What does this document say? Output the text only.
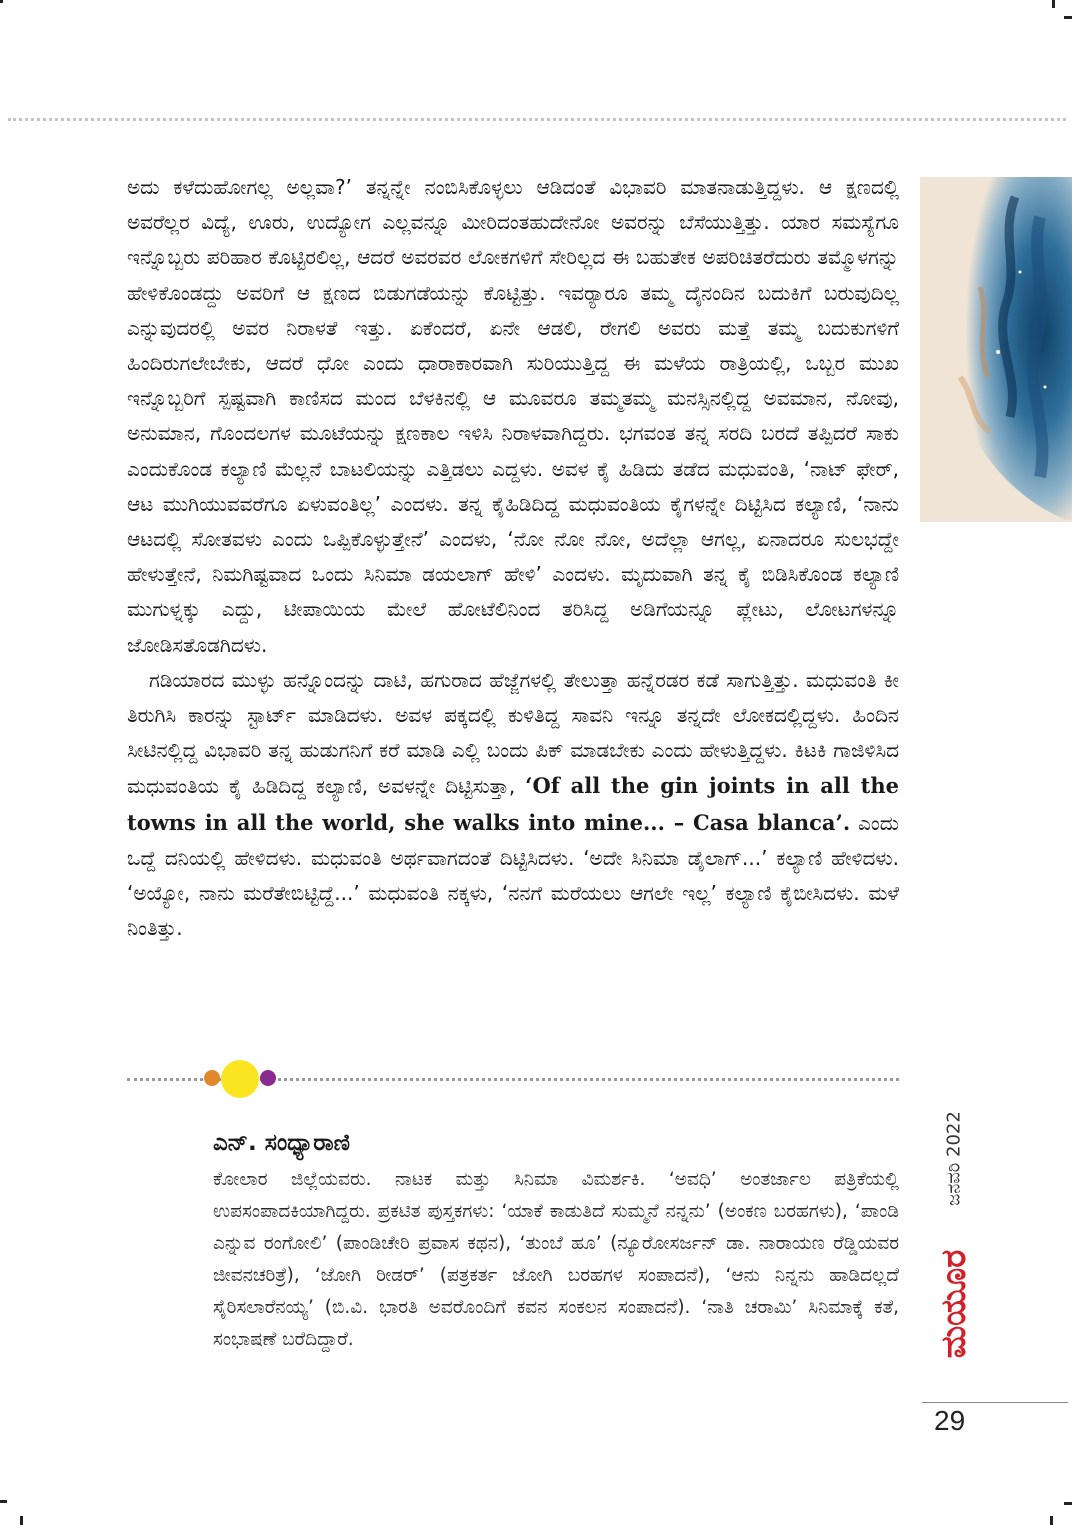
ಅದು ಕಳೆದುಹೋಗಲ್ಲ ಅಲ್ಲವಾ?’ ತನ್ನನ್ನೇ ನಂಬಿಸಿಕೊಳ್ಳಲು ಆಡಿದಂತೆ ವಿಭಾವರಿ ಮಾತನಾಡುತ್ತಿದ್ದಳು. ಆ ಕ್ಷಣದಲ್ಲಿ ಅವರೆಲ್ಲರ ವಿದ್ಯೆ, ಊರು, ಉದ್ಯೋಗ ಎಲ್ಲವನ್ನೂ ಮೀರಿದಂತಹುದೇನೋ ಅವರನ್ನು ಬೆಸೆಯುತ್ತಿತ್ತು. ಯಾರ ಸಮಸ್ಯೆಗೂ ಇನ್ನೊಬ್ಬರು ಪರಿಹಾರ ಕೊಟ್ಟಿರಲಿಲ್ಲ, ಆದರೆ ಅವರವರ ಲೋಕಗಳಿಗೆ ಸೇರಿಲ್ಲದ ಈ ಬಹುತೇಕ ಅಪರಿಚಿತರೆದುರು ತಮ್ಮೊಳಗನ್ನು ಹೇಳಿಕೊಂಡದ್ದು ಅವರಿಗೆ ಆ ಕ್ಷಣದ ಬಿಡುಗಡೆಯನ್ನು ಕೊಟ್ಟಿತ್ತು. ಇವರ್‍ಯಾರೂ ತಮ್ಮ ದೈನಂದಿನ ಬದುಕಿಗೆ ಬರುವುದಿಲ್ಲ ಎನ್ನುವುದರಲ್ಲಿ ಅವರ ನಿರಾಳತೆ ಇತ್ತು. ಏಕೆಂದರೆ, ಏನೇ ಆಡಲಿ, ರೇಗಲಿ ಅವರು ಮತ್ತೆ ತಮ್ಮ ಬದುಕುಗಳಿಗೆ ಹಿಂದಿರುಗಲೇಬೇಕು, ಆದರೆ ಧೋ ಎಂದು ಧಾರಾಕಾರವಾಗಿ ಸುರಿಯುತ್ತಿದ್ದ ಈ ಮಳೆಯ ರಾತ್ರಿಯಲ್ಲಿ, ಒಬ್ಬರ ಮುಖ ಇನ್ನೊಬ್ಬರಿಗೆ ಸ್ಪಷ್ಟವಾಗಿ ಕಾಣಿಸದ ಮಂದ ಬೆಳಕಿನಲ್ಲಿ ಆ ಮೂವರೂ ತಮ್ಮತಮ್ಮ ಮನಸ್ಸಿನಲ್ಲಿದ್ದ ಅವಮಾನ, ನೋವು, ಅನುಮಾನ, ಗೊಂದಲಗಳ ಮೂಟೆಯನ್ನು ಕ್ಷಣಕಾಲ ಇಳಿಸಿ ನಿರಾಳವಾಗಿದ್ದರು. ಭಗವಂತ ತನ್ನ ಸರದಿ ಬರದೆ ತಪ್ಪಿದರೆ ಸಾಕು ಎಂದುಕೊಂಡ ಕಲ್ಯಾಣಿ ಮೆಲ್ಲನೆ ಬಾಟಲಿಯನ್ನು ಎತ್ತಿಡಲು ಎದ್ದಳು. ಅವಳ ಕೈ ಹಿಡಿದು ತಡೆದ ಮಧುವಂತಿ, ‘ನಾಟ್ ಫೇರ್, ಆಟ ಮುಗಿಯುವವರೆಗೂ ಏಳುವಂತಿಲ್ಲ’ ಎಂದಳು. ತನ್ನ ಕೈಹಿಡಿದಿದ್ದ ಮಧುವಂತಿಯ ಕೈಗಳನ್ನೇ ದಿಟ್ಟಿಸಿದ ಕಲ್ಯಾಣಿ, ‘ನಾನು ಆಟದಲ್ಲಿ ಸೋತವಳು ಎಂದು ಒಪ್ಪಿಕೊಳ್ಳುತ್ತೇನೆ’ ಎಂದಳು, ‘ನೋ ನೋ ನೋ, ಅದೆಲ್ಲಾ ಆಗಲ್ಲ, ಏನಾದರೂ ಸುಲಭದ್ದೇ ಹೇಳುತ್ತೇನೆ, ನಿಮಗಿಷ್ಟವಾದ ಒಂದು ಸಿನಿಮಾ ಡಯಲಾಗ್ ಹೇಳಿ’ ಎಂದಳು. ಮೃದುವಾಗಿ ತನ್ನ ಕೈ ಬಿಡಿಸಿಕೊಂಡ ಕಲ್ಯಾಣಿ ಮುಗುಳ್ನಕ್ಕು ಎದ್ದು, ಟೀಪಾಯಿಯ ಮೇಲೆ ಹೋಟೆಲಿನಿಂದ ತರಿಸಿದ್ದ ಅಡಿಗೆಯನ್ನೂ ಪ್ಲೇಟು, ಲೋಟಗಳನ್ನೂ ಜೋಡಿಸತೊಡಗಿದಳು.

ಗಡಿಯಾರದ ಮುಳ್ಳು ಹನ್ನೊಂದನ್ನು ದಾಟಿ, ಹಗುರಾದ ಹೆಜ್ಜೆಗಳಲ್ಲಿ ತೇಲುತ್ತಾ ಹನ್ನೆರಡರ ಕಡೆ ಸಾಗುತ್ತಿತ್ತು. ಮಧುವಂತಿ ಕೀ ತಿರುಗಿಸಿ ಕಾರನ್ನು ಸ್ಟಾರ್ಟ್ ಮಾಡಿದಳು. ಅವಳ ಪಕ್ಕದಲ್ಲಿ ಕುಳಿತಿದ್ದ ಸಾವನಿ ಇನ್ನೂ ತನ್ನದೇ ಲೋಕದಲ್ಲಿದ್ದಳು. ಹಿಂದಿನ ಸೀಟಿನಲ್ಲಿದ್ದ ವಿಭಾವರಿ ತನ್ನ ಹುಡುಗನಿಗೆ ಕರೆ ಮಾಡಿ ಎಲ್ಲಿ ಬಂದು ಪಿಕ್ ಮಾಡಬೇಕು ಎಂದು ಹೇಳುತ್ತಿದ್ದಳು. ಕಿಟಕಿ ಗಾಜಿಳಿಸಿದ ಮಧುವಂತಿಯ ಕೈ ಹಿಡಿದಿದ್ದ ಕಲ್ಯಾಣಿ, ಅವಳನ್ನೇ ದಿಟ್ಟಿಸುತ್ತಾ, ‘Of all the gin joints in all the towns in all the world, she walks into mine... – Casa blanca’. ಎಂದು ಒದ್ದೆ ದನಿಯಲ್ಲಿ ಹೇಳಿದಳು. ಮಧುವಂತಿ ಅರ್ಥವಾಗದಂತೆ ದಿಟ್ಟಿಸಿದಳು. ‘ಅದೇ ಸಿನಿಮಾ ಡೈಲಾಗ್...’ ಕಲ್ಯಾಣಿ ಹೇಳಿದಳು. ‘ಅಯ್ಯೋ, ನಾನು ಮರೆತೇಬಿಟ್ಟಿದ್ದೆ...’ ಮಧುವಂತಿ ನಕ್ಕಳು, ‘ನನಗೆ ಮರೆಯಲು ಆಗಲೇ ಇಲ್ಲ’ ಕಲ್ಯಾಣಿ ಕೈಬೀಸಿದಳು. ಮಳೆ ನಿಂತಿತ್ತು.

ಎನ್. ಸಂಧ್ಯಾರಾಣಿ

ಕೋಲಾರ ಜಿಲ್ಲೆಯವರು. ನಾಟಕ ಮತ್ತು ಸಿನಿಮಾ ವಿಮರ್ಶಕಿ. ‘ಅವಧಿ’ ಅಂತರ್ಜಾಲ ಪತ್ರಿಕೆಯಲ್ಲಿ ಉಪಸಂಪಾದಕಿಯಾಗಿದ್ದರು. ಪ್ರಕಟಿತ ಪುಸ್ತಕಗಳು: ‘ಯಾಕೆ ಕಾಡುತಿದೆ ಸುಮ್ಮನೆ ನನ್ನನು’ (ಅಂಕಣ ಬರಹಗಳು), ‘ಪಾಂಡಿ ಎನ್ನುವ ರಂಗೋಲಿ’ (ಪಾಂಡಿಚೇರಿ ಪ್ರವಾಸ ಕಥನ), ‘ತುಂಬೆ ಹೂ’ (ನ್ಯೂರೋಸರ್ಜನ್ ಡಾ. ನಾರಾಯಣ ರೆಡ್ಡಿಯವರ ಜೀವನಚರಿತ್ರೆ), ‘ಜೋಗಿ ರೀಡರ್’ (ಪತ್ರಕರ್ತ ಜೋಗಿ ಬರಹಗಳ ಸಂಪಾದನೆ), ‘ಆನು ನಿನ್ನನು ಹಾಡಿದಲ್ಲದೆ ಸೈರಿಸಲಾರೆನಯ್ಯ’ (ಬಿ.ವಿ. ಭಾರತಿ ಅವರೊಂದಿಗೆ ಕವನ ಸಂಕಲನ ಸಂಪಾದನೆ). ‘ನಾತಿ ಚರಾಮಿ’ ಸಿನಿಮಾಕ್ಕೆ ಕತೆ, ಸಂಭಾಷಣೆ ಬರೆದಿದ್ದಾರೆ.

ಜನವರಿ 2022
ಮಯೂರ
29
